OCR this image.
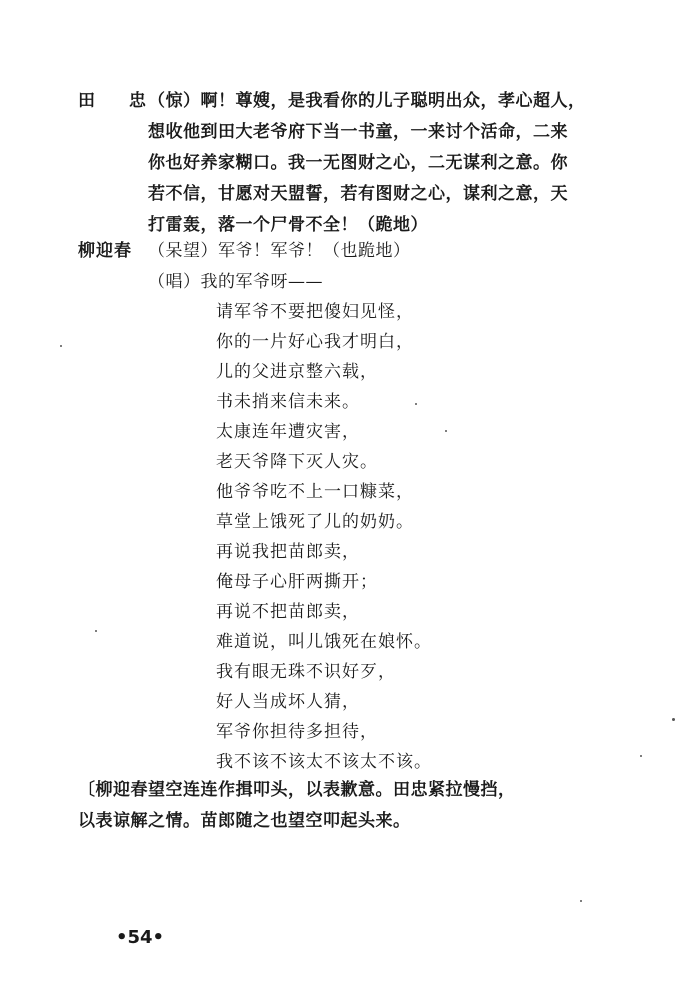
田 忠
（惊）啊！尊嫂，是我看你的儿子聪明出众，孝心超人，
想收他到田大老爷府下当一书童，一来讨个活命，二来
你也好养家糊口。我一无图财之心，二无谋利之意。你
若不信，甘愿对天盟誓，若有图财之心，谋利之意，天
打雷轰，落一个尸骨不全！（跪地）
柳迎春 （呆望）军爷！军爷！（也跪地）
（唱）我的军爷呀——
请军爷不要把傻妇见怪，
你的一片好心我才明白，
儿的父进京整六载，
书未捎来信未来。
太康连年遭灾害，
老天爷降下灭人灾。
他爷爷吃不上一口糠菜，
草堂上饿死了儿的奶奶。
再说我把苗郎卖，
俺母子心肝两撕开；
再说不把苗郎卖，
难道说，叫儿饿死在娘怀。
我有眼无珠不识好歹，
好人当成坏人猜，
军爷你担待多担待，
我不该不该太不该太不该。
〔柳迎春望空连连作揖叩头，以表歉意。田忠紧拉慢挡，
以表谅解之情。苗郎随之也望空叩起头来。
•54•
